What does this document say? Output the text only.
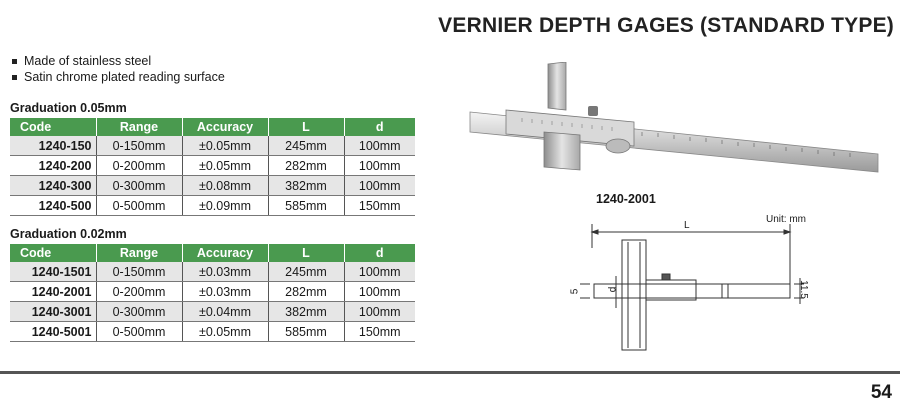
VERNIER DEPTH GAGES (STANDARD TYPE)
Made of stainless steel
Satin chrome plated reading surface
Graduation 0.05mm
Code	Range	Accuracy	L	d
1240-150	0-150mm	±0.05mm	245mm	100mm
1240-200	0-200mm	±0.05mm	282mm	100mm
1240-300	0-300mm	±0.08mm	382mm	100mm
1240-500	0-500mm	±0.09mm	585mm	150mm
Graduation 0.02mm
Code	Range	Accuracy	L	d
1240-1501	0-150mm	±0.03mm	245mm	100mm
1240-2001	0-200mm	±0.03mm	282mm	100mm
1240-3001	0-300mm	±0.04mm	382mm	100mm
1240-5001	0-500mm	±0.05mm	585mm	150mm
1240-2001
Unit: mm
L
d
5	11.5
54
